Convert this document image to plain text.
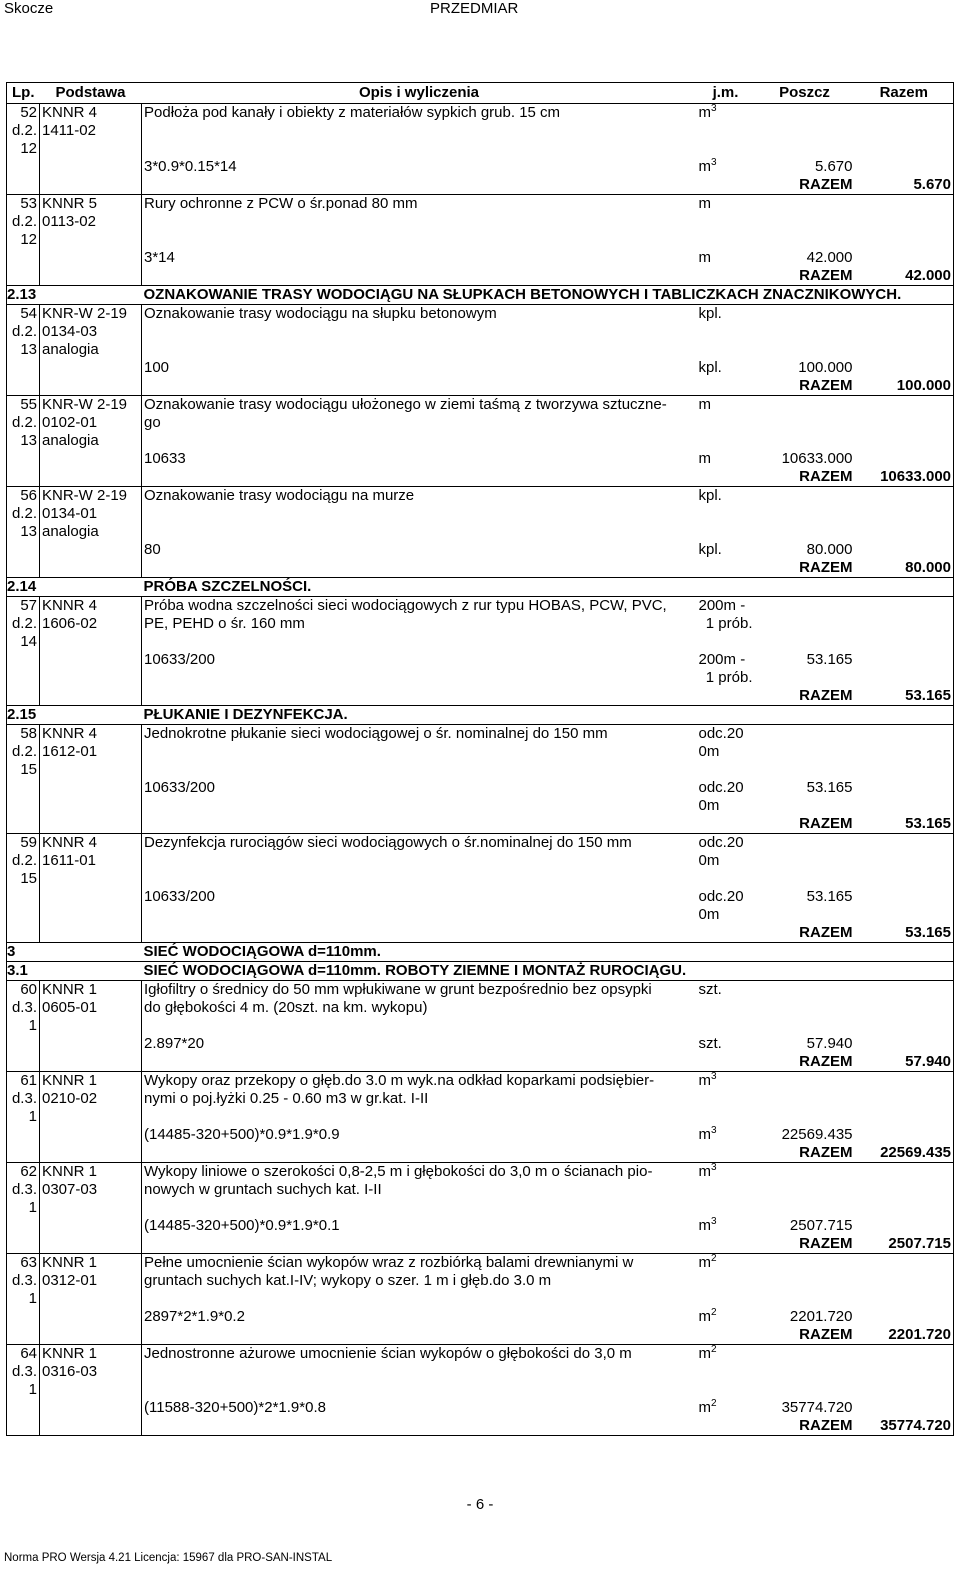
Skocze	PRZEDMIAR
Lp.	Podstawa	Opis i wyliczenia	j.m.	Poszcz	Razem
52	KNNR 4	Podłoża pod kanały i obiekty z materiałów sypkich grub. 15 cm	$m^3$		
d.2.	1411-02				
12					
		3*0.9*0.15*14	$m^3$	5.670	
				RAZEM	5.670
53	KNNR 5	Rury ochronne z PCW o śr.ponad 80 mm	m		
d.2.	0113-02				
12					
		3*14	m	42.000	
				RAZEM	42.000
2.13		OZNAKOWANIE TRASY WODOCIĄGU NA SŁUPKACH BETONOWYCH I TABLICZKACH ZNACZNIKOWYCH.			
54	KNR-W 2-19	Oznakowanie trasy wodociągu na słupku betonowym	kpl.		
d.2.	0134-03				
13	analogia				
		100	kpl.	100.000	
				RAZEM	100.000
55	KNR-W 2-19	Oznakowanie trasy wodociągu ułożonego w ziemi taśmą z tworzywa sztuczne-	m		
d.2.	0102-01	go			
13	analogia				
		10633	m	10633.000	
				RAZEM	10633.000
56	KNR-W 2-19	Oznakowanie trasy wodociągu na murze	kpl.		
d.2.	0134-01				
13	analogia				
		80	kpl.	80.000	
				RAZEM	80.000
2.14		PRÓBA SZCZELNOŚCI.			
57	KNNR 4	Próba wodna szczelności sieci wodociągowych z rur typu HOBAS, PCW, PVC,	200m -		
d.2.	1606-02	PE, PEHD o śr. 160 mm	1 prób.		
14					
		10633/200	200m -	53.165	
			1 prób.		
				RAZEM	53.165
2.15		PŁUKANIE I DEZYNFEKCJA.			
58	KNNR 4	Jednokrotne płukanie sieci wodociągowej o śr. nominalnej do 150 mm	odc.20		
d.2.	1612-01		0m		
15					
		10633/200	odc.20	53.165	
			0m		
				RAZEM	53.165
59	KNNR 4	Dezynfekcja rurociągów sieci wodociągowych o śr.nominalnej do 150 mm	odc.20		
d.2.	1611-01		0m		
15					
		10633/200	odc.20	53.165	
			0m		
				RAZEM	53.165
3		SIEĆ WODOCIĄGOWA d=110mm.			
3.1		SIEĆ WODOCIĄGOWA d=110mm. ROBOTY ZIEMNE I MONTAŻ RUROCIĄGU.			
60	KNNR 1	Igłofiltry o średnicy do 50 mm wpłukiwane w grunt bezpośrednio bez opsypki	szt.		
d.3.	0605-01	do głębokości 4 m. (20szt. na km. wykopu)			
1					
		2.897*20	szt.	57.940	
				RAZEM	57.940
61	KNNR 1	Wykopy oraz przekopy o głęb.do 3.0 m wyk.na odkład koparkami podsiębier-	$m^3$		
d.3.	0210-02	nymi o poj.łyżki 0.25 - 0.60 m3 w gr.kat. I-II			
1					
		(14485-320+500)*0.9*1.9*0.9	$m^3$	22569.435	
				RAZEM	22569.435
62	KNNR 1	Wykopy liniowe o szerokości 0,8-2,5 m i głębokości do 3,0 m o ścianach pio-	$m^3$		
d.3.	0307-03	nowych w gruntach suchych kat. I-II			
1					
		(14485-320+500)*0.9*1.9*0.1	$m^3$	2507.715	
				RAZEM	2507.715
63	KNNR 1	Pełne umocnienie ścian wykopów wraz z rozbiórką balami drewnianymi w	$m^2$		
d.3.	0312-01	gruntach suchych kat.I-IV; wykopy o szer. 1 m i głęb.do 3.0 m			
1					
		2897*2*1.9*0.2	$m^2$	2201.720	
				RAZEM	2201.720
64	KNNR 1	Jednostronne ażurowe umocnienie ścian wykopów o głębokości do 3,0 m	$m^2$		
d.3.	0316-03				
1					
		(11588-320+500)*2*1.9*0.8	$m^2$	35774.720	
				RAZEM	35774.720
- 6 -
Norma PRO Wersja 4.21 Licencja: 15967 dla PRO-SAN-INSTAL
